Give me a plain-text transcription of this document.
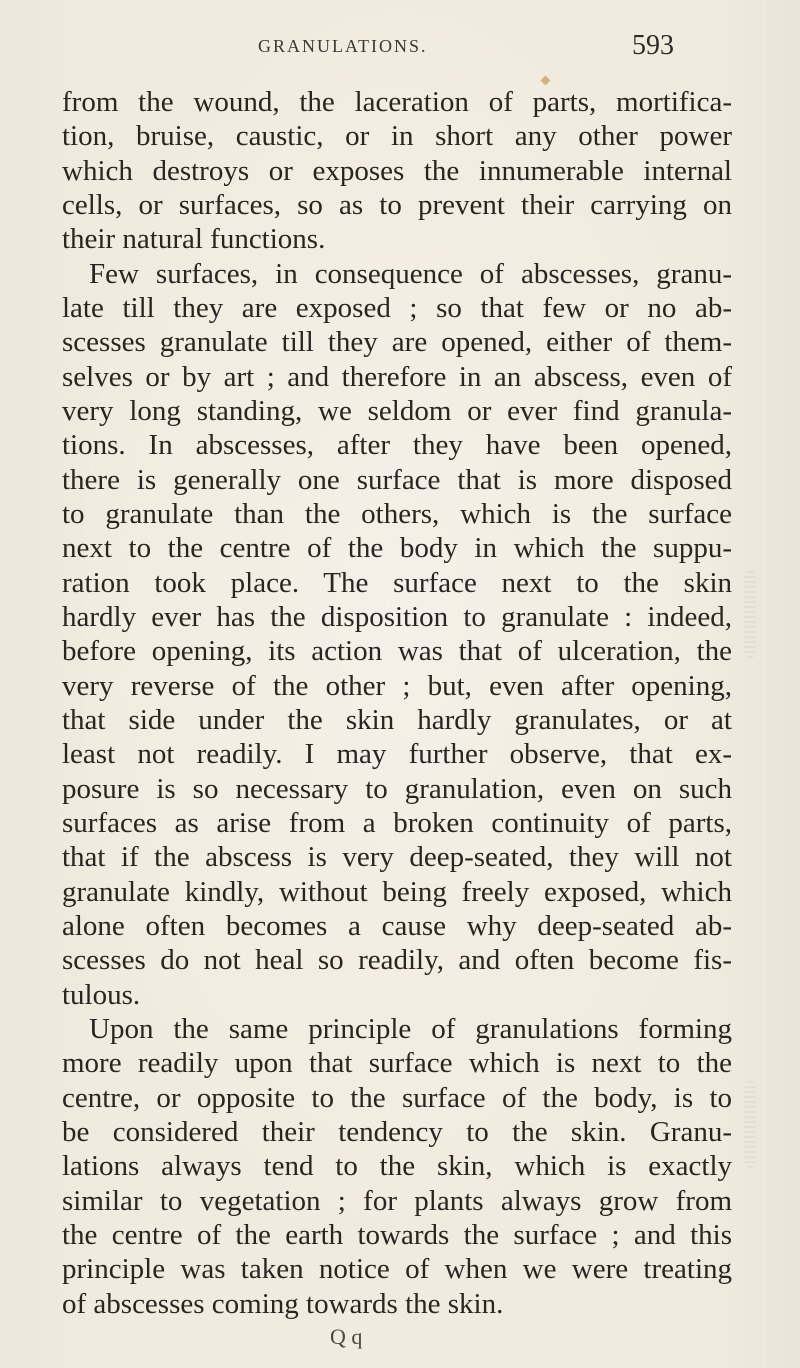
GRANULATIONS.	593
from the wound, the laceration of parts, mortifica-
tion, bruise, caustic, or in short any other power
which destroys or exposes the innumerable internal
cells, or surfaces, so as to prevent their carrying on
their natural functions.
Few surfaces, in consequence of abscesses, granu-
late till they are exposed ; so that few or no ab-
scesses granulate till they are opened, either of them-
selves or by art ; and therefore in an abscess, even of
very long standing, we seldom or ever find granula-
tions. In abscesses, after they have been opened,
there is generally one surface that is more disposed
to granulate than the others, which is the surface
next to the centre of the body in which the suppu-
ration took place. The surface next to the skin
hardly ever has the disposition to granulate : indeed,
before opening, its action was that of ulceration, the
very reverse of the other ; but, even after opening,
that side under the skin hardly granulates, or at
least not readily. I may further observe, that ex-
posure is so necessary to granulation, even on such
surfaces as arise from a broken continuity of parts,
that if the abscess is very deep-seated, they will not
granulate kindly, without being freely exposed, which
alone often becomes a cause why deep-seated ab-
scesses do not heal so readily, and often become fis-
tulous.
Upon the same principle of granulations forming
more readily upon that surface which is next to the
centre, or opposite to the surface of the body, is to
be considered their tendency to the skin. Granu-
lations always tend to the skin, which is exactly
similar to vegetation ; for plants always grow from
the centre of the earth towards the surface ; and this
principle was taken notice of when we were treating
of abscesses coming towards the skin.
Q q
